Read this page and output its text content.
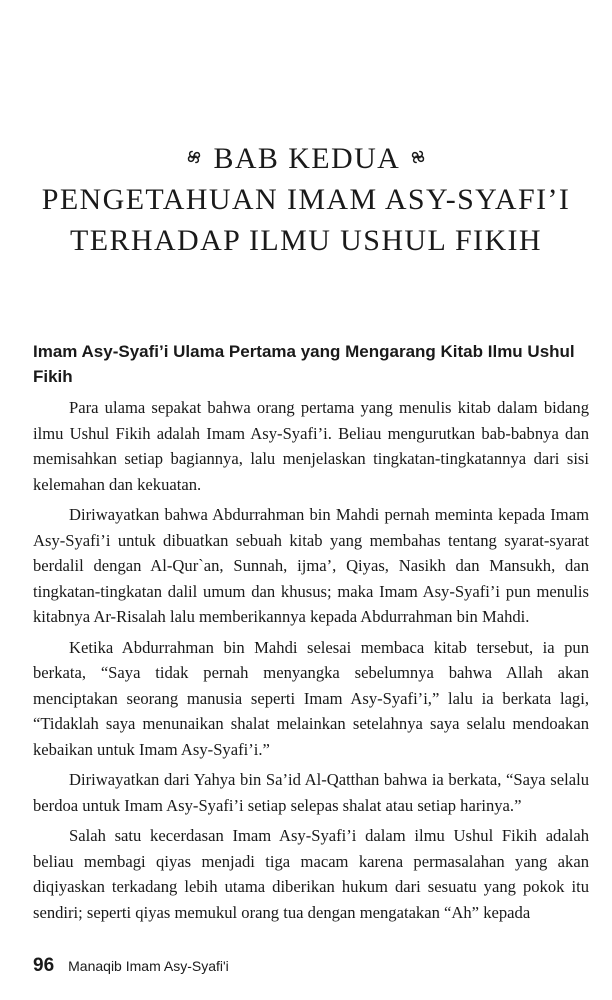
BAB KEDUA
PENGETAHUAN IMAM ASY-SYAFI’I
TERHADAP ILMU USHUL FIKIH
Imam Asy-Syafi’i Ulama Pertama yang Mengarang Kitab Ilmu Ushul Fikih

Para ulama sepakat bahwa orang pertama yang menulis kitab dalam bidang ilmu Ushul Fikih adalah Imam Asy-Syafi’i. Beliau mengurutkan bab-babnya dan memisahkan setiap bagiannya, lalu menjelaskan tingkatan-tingkatannya dari sisi kelemahan dan kekuatan.

Diriwayatkan bahwa Abdurrahman bin Mahdi pernah meminta kepada Imam Asy-Syafi’i untuk dibuatkan sebuah kitab yang membahas tentang syarat-syarat berdalil dengan Al-Qur`an, Sunnah, ijma’, Qiyas, Nasikh dan Mansukh, dan tingkatan-tingkatan dalil umum dan khusus; maka Imam Asy-Syafi’i pun menulis kitabnya Ar-Risalah lalu memberikannya kepada Abdurrahman bin Mahdi.

Ketika Abdurrahman bin Mahdi selesai membaca kitab tersebut, ia pun berkata, “Saya tidak pernah menyangka sebelumnya bahwa Allah akan menciptakan seorang manusia seperti Imam Asy-Syafi’i,” lalu ia berkata lagi, “Tidaklah saya menunaikan shalat melainkan setelahnya saya selalu mendoakan kebaikan untuk Imam Asy-Syafi’i.”

Diriwayatkan dari Yahya bin Sa’id Al-Qatthan bahwa ia berkata, “Saya selalu berdoa untuk Imam Asy-Syafi’i setiap selepas shalat atau setiap harinya.”

Salah satu kecerdasan Imam Asy-Syafi’i dalam ilmu Ushul Fikih adalah beliau membagi qiyas menjadi tiga macam karena permasalahan yang akan diqiyaskan terkadang lebih utama diberikan hukum dari sesuatu yang pokok itu sendiri; seperti qiyas memukul orang tua dengan mengatakan “Ah” kepada

96 Manaqib Imam Asy-Syafi'i
